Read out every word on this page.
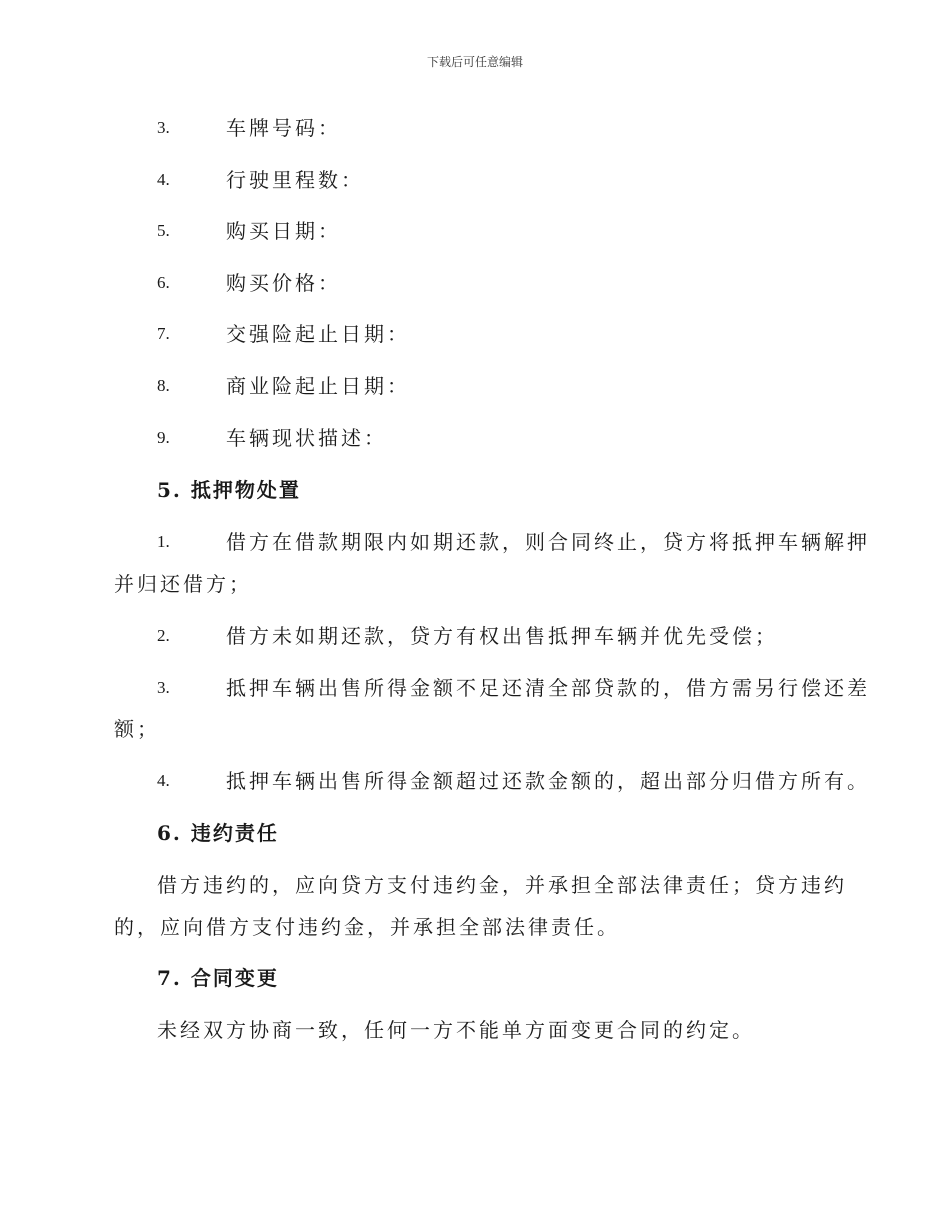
下载后可任意编辑
3.	车牌号码：
4.	行驶里程数：
5.	购买日期：
6.	购买价格：
7.	交强险起止日期：
8.	商业险起止日期：
9.	车辆现状描述：
5. 抵押物处置
1.	借方在借款期限内如期还款，则合同终止，贷方将抵押车辆解押
并归还借方；
2.	借方未如期还款，贷方有权出售抵押车辆并优先受偿；
3.	抵押车辆出售所得金额不足还清全部贷款的，借方需另行偿还差
额；
4.	抵押车辆出售所得金额超过还款金额的，超出部分归借方所有。
6. 违约责任
借方违约的，应向贷方支付违约金，并承担全部法律责任；贷方违约
的，应向借方支付违约金，并承担全部法律责任。
7. 合同变更
未经双方协商一致，任何一方不能单方面变更合同的约定。
